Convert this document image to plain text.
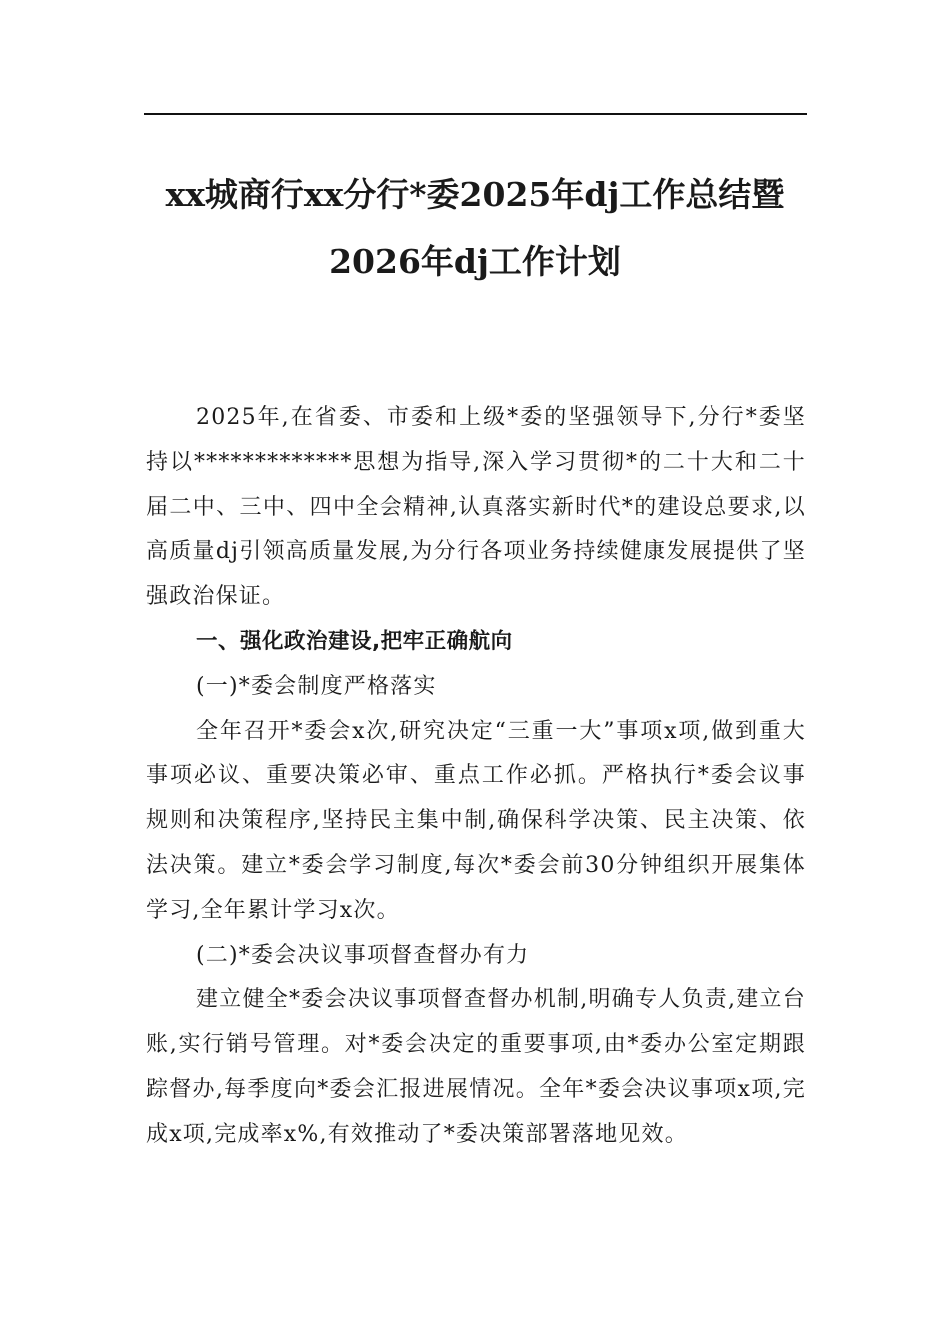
xx城商行xx分行*委2025年dj工作总结暨
2026年dj工作计划

2025年,在省委、市委和上级*委的坚强领导下,分行*委坚持以*************思想为指导,深入学习贯彻*的二十大和二十届二中、三中、四中全会精神,认真落实新时代*的建设总要求,以高质量dj引领高质量发展,为分行各项业务持续健康发展提供了坚强政治保证。

一、强化政治建设,把牢正确航向

(一)*委会制度严格落实

全年召开*委会x次,研究决定“三重一大”事项x项,做到重大事项必议、重要决策必审、重点工作必抓。严格执行*委会议事规则和决策程序,坚持民主集中制,确保科学决策、民主决策、依法决策。建立*委会学习制度,每次*委会前30分钟组织开展集体学习,全年累计学习x次。

(二)*委会决议事项督查督办有力

建立健全*委会决议事项督查督办机制,明确专人负责,建立台账,实行销号管理。对*委会决定的重要事项,由*委办公室定期跟踪督办,每季度向*委会汇报进展情况。全年*委会决议事项x项,完成x项,完成率x%,有效推动了*委决策部署落地见效。
